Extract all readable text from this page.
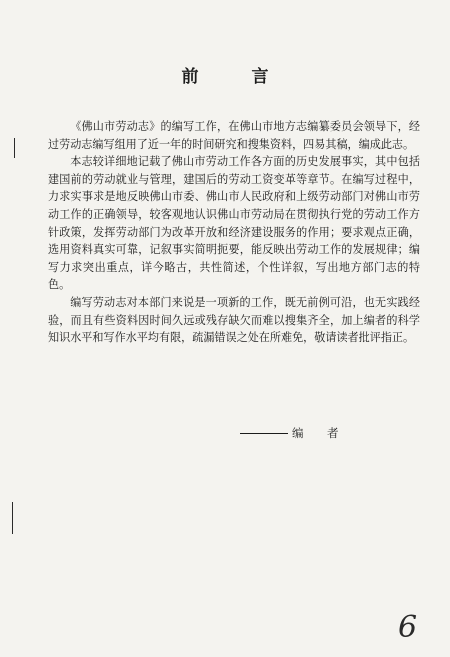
前　言

《佛山市劳动志》的编写工作，在佛山市地方志编纂委员会领导下，经过劳动志编写组用了近一年的时间研究和搜集资料，四易其稿，编成此志。

本志较详细地记载了佛山市劳动工作各方面的历史发展事实，其中包括建国前的劳动就业与管理，建国后的劳动工资变革等章节。在编写过程中，力求实事求是地反映佛山市委、佛山市人民政府和上级劳动部门对佛山市劳动工作的正确领导，较客观地认识佛山市劳动局在贯彻执行党的劳动工作方针政策，发挥劳动部门为改革开放和经济建设服务的作用；要求观点正确，选用资料真实可靠，记叙事实简明扼要，能反映出劳动工作的发展规律；编写力求突出重点，详今略古，共性简述，个性详叙，写出地方部门志的特色。

编写劳动志对本部门来说是一项新的工作，既无前例可沿，也无实践经验，而且有些资料因时间久远或残存缺欠而难以搜集齐全，加上编者的科学知识水平和写作水平均有限，疏漏错误之处在所难免，敬请读者批评指正。

编　者
6
